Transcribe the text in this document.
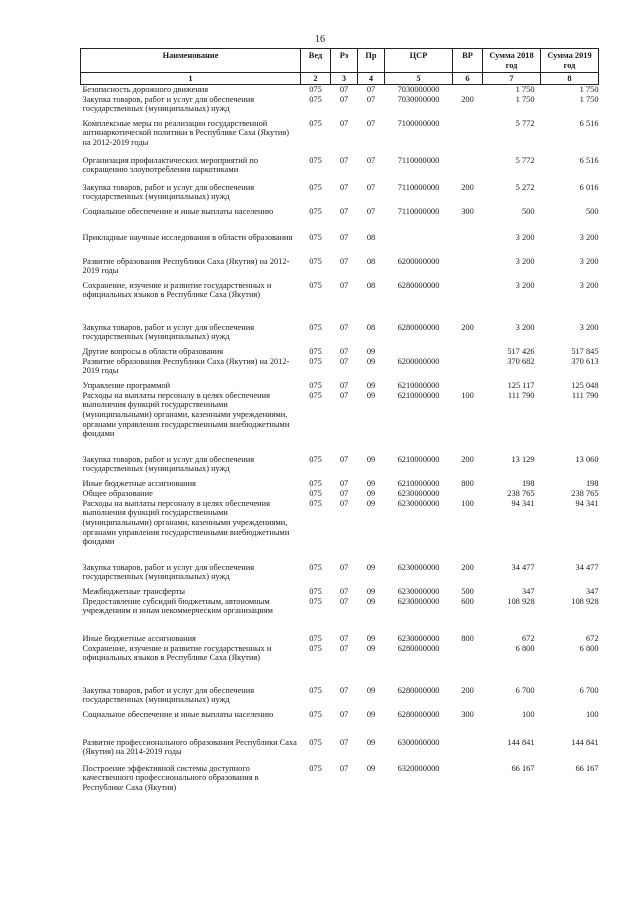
16
Наименование	Вед	Рз	Пр	ЦСР	ВР	Сумма 2018 год	Сумма 2019 год
1	2	3	4	5	6	7	8
Безопасность дорожного движения	075	07	07	7030000000		1 750	1 750
Закупка товаров, работ и услуг для обеспечения государственных (муниципальных) нужд	075	07	07	7030000000	200	1 750	1 750
Комплексные меры по реализации государственной антинаркотической политики в Республике Саха (Якутия) на 2012-2019 годы	075	07	07	7100000000		5 772	6 516
Организация профилактических мероприятий по сокращению злоупотребления наркотиками	075	07	07	7110000000		5 772	6 516
Закупка товаров, работ и услуг для обеспечения государственных (муниципальных) нужд	075	07	07	7110000000	200	5 272	6 016
Социальное обеспечение и иные выплаты населению	075	07	07	7110000000	300	500	500
Прикладные научные исследования в области образования	075	07	08			3 200	3 200
Развитие образования Республики Саха (Якутия) на 2012-2019 годы	075	07	08	6200000000		3 200	3 200
Сохранение, изучение и развитие государственных и официальных языков в Республике Саха (Якутия)	075	07	08	6280000000		3 200	3 200
Закупка товаров, работ и услуг для обеспечения государственных (муниципальных) нужд	075	07	08	6280000000	200	3 200	3 200
Другие вопросы в области образования	075	07	09			517 426	517 845
Развитие образования Республики Саха (Якутия) на 2012-2019 годы	075	07	09	6200000000		370 682	370 613
Управление программой	075	07	09	6210000000		125 117	125 048
Расходы на выплаты персоналу в целях обеспечения выполнения функций государственными (муниципальными) органами, казенными учреждениями, органами управления государственными внебюджетными фондами	075	07	09	6210000000	100	111 790	111 790
Закупка товаров, работ и услуг для обеспечения государственных (муниципальных) нужд	075	07	09	6210000000	200	13 129	13 060
Иные бюджетные ассигнования	075	07	09	6210000000	800	198	198
Общее образование	075	07	09	6230000000		238 765	238 765
Расходы на выплаты персоналу в целях обеспечения выполнения функций государственными (муниципальными) органами, казенными учреждениями, органами управления государственными внебюджетными фондами	075	07	09	6230000000	100	94 341	94 341
Закупка товаров, работ и услуг для обеспечения государственных (муниципальных) нужд	075	07	09	6230000000	200	34 477	34 477
Межбюджетные трансферты	075	07	09	6230000000	500	347	347
Предоставление субсидий бюджетным, автономным учреждениям и иным некоммерческим организациям	075	07	09	6230000000	600	108 928	108 928
Иные бюджетные ассигнования	075	07	09	6230000000	800	672	672
Сохранение, изучение и развитие государственных и официальных языков в Республике Саха (Якутия)	075	07	09	6280000000		6 800	6 800
Закупка товаров, работ и услуг для обеспечения государственных (муниципальных) нужд	075	07	09	6280000000	200	6 700	6 700
Социальное обеспечение и иные выплаты населению	075	07	09	6280000000	300	100	100
Развитие профессионального образования Республики Саха (Якутия) на 2014-2019 годы	075	07	09	6300000000		144 841	144 841
Построение эффективной системы доступного качественного профессионального образования в Республике Саха (Якутия)	075	07	09	6320000000		66 167	66 167
